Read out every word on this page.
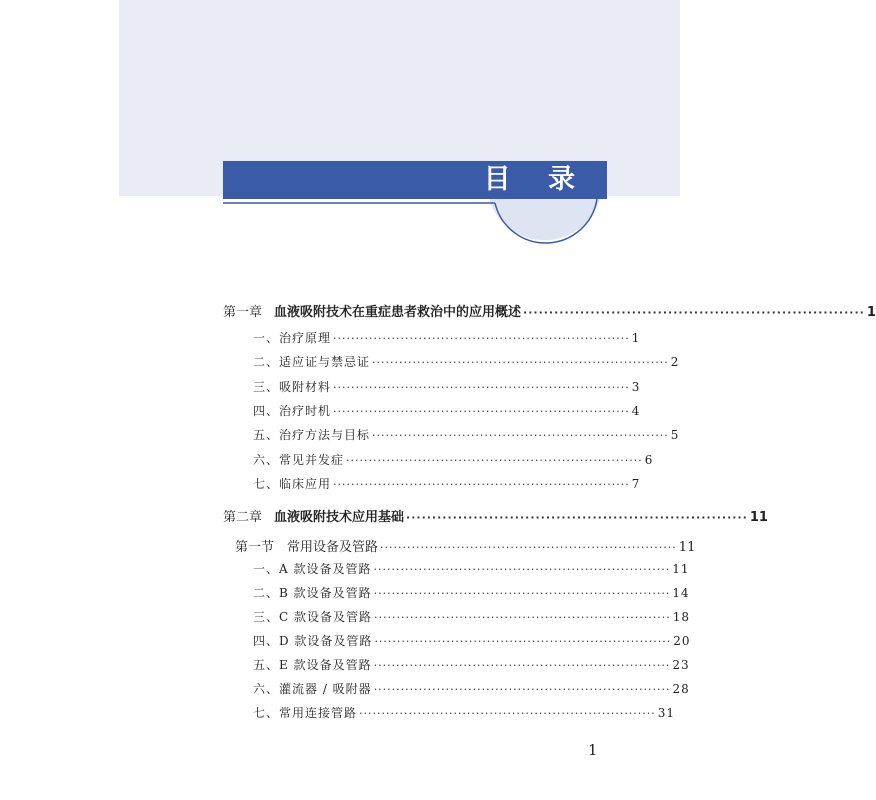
目 录
第一章 血液吸附技术在重症患者救治中的应用概述 ·································································· 1
一、治疗原理 ·································································· 1
二、适应证与禁忌证 ·································································· 2
三、吸附材料 ·································································· 3
四、治疗时机 ·································································· 4
五、治疗方法与目标 ·································································· 5
六、常见并发症 ·································································· 6
七、临床应用 ·································································· 7
第二章 血液吸附技术应用基础 ·································································· 11
第一节　常用设备及管路 ·································································· 11
一、A 款设备及管路 ·································································· 11
二、B 款设备及管路 ·································································· 14
三、C 款设备及管路 ·································································· 18
四、D 款设备及管路 ·································································· 20
五、E 款设备及管路 ·································································· 23
六、灌流器 / 吸附器 ·································································· 28
七、常用连接管路 ·································································· 31
1
